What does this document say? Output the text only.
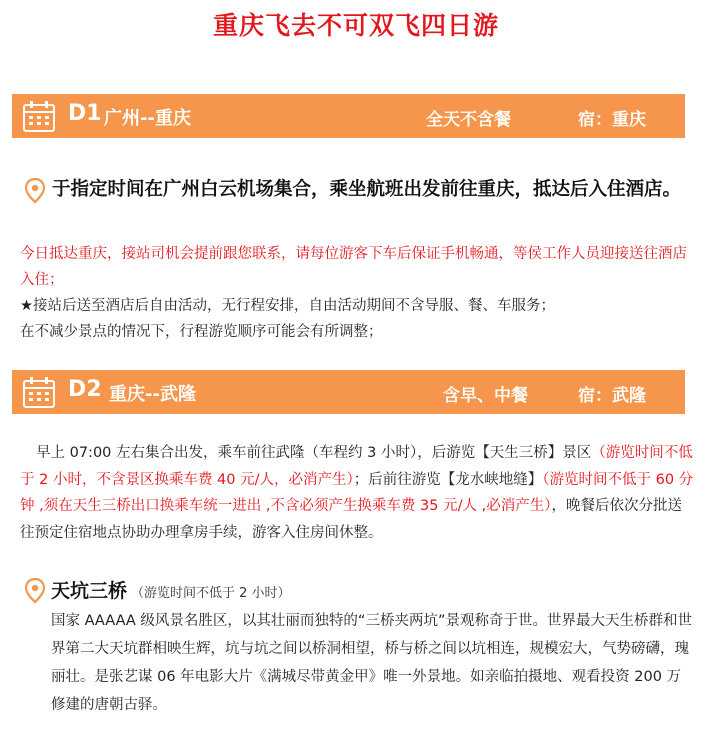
重庆飞去不可双飞四日游
D1 广州--重庆	全天不含餐	宿：重庆
于指定时间在广州白云机场集合，乘坐航班出发前往重庆，抵达后入住酒店。
今日抵达重庆，接站司机会提前跟您联系，请每位游客下车后保证手机畅通，等侯工作人员迎接送往酒店入住；
★接站后送至酒店后自由活动，无行程安排，自由活动期间不含导服、餐、车服务；
在不减少景点的情况下，行程游览顺序可能会有所调整；
D2 重庆--武隆	含早、中餐	宿：武隆
早上 07:00 左右集合出发，乘车前往武隆（车程约 3 小时），后游览【天生三桥】景区（游览时间不低于 2 小时，不含景区换乘车费 40 元/人，必消产生）；后前往游览【龙水峡地缝】（游览时间不低于 60 分钟 ,须在天生三桥出口换乘车统一进出 ,不含必须产生换乘车费 35 元/人 ,必消产生），晚餐后依次分批送往预定住宿地点协助办理拿房手续，游客入住房间休整。
天坑三桥 （游览时间不低于 2 小时）
国家 AAAAA 级风景名胜区，以其壮丽而独特的“三桥夹两坑”景观称奇于世。世界最大天生桥群和世界第二大天坑群相映生辉，坑与坑之间以桥洞相望，桥与桥之间以坑相连，规模宏大，气势磅礴，瑰丽壮。是张艺谋 06 年电影大片《满城尽带黄金甲》唯一外景地。如亲临拍摄地、观看投资 200 万修建的唐朝古驿。
